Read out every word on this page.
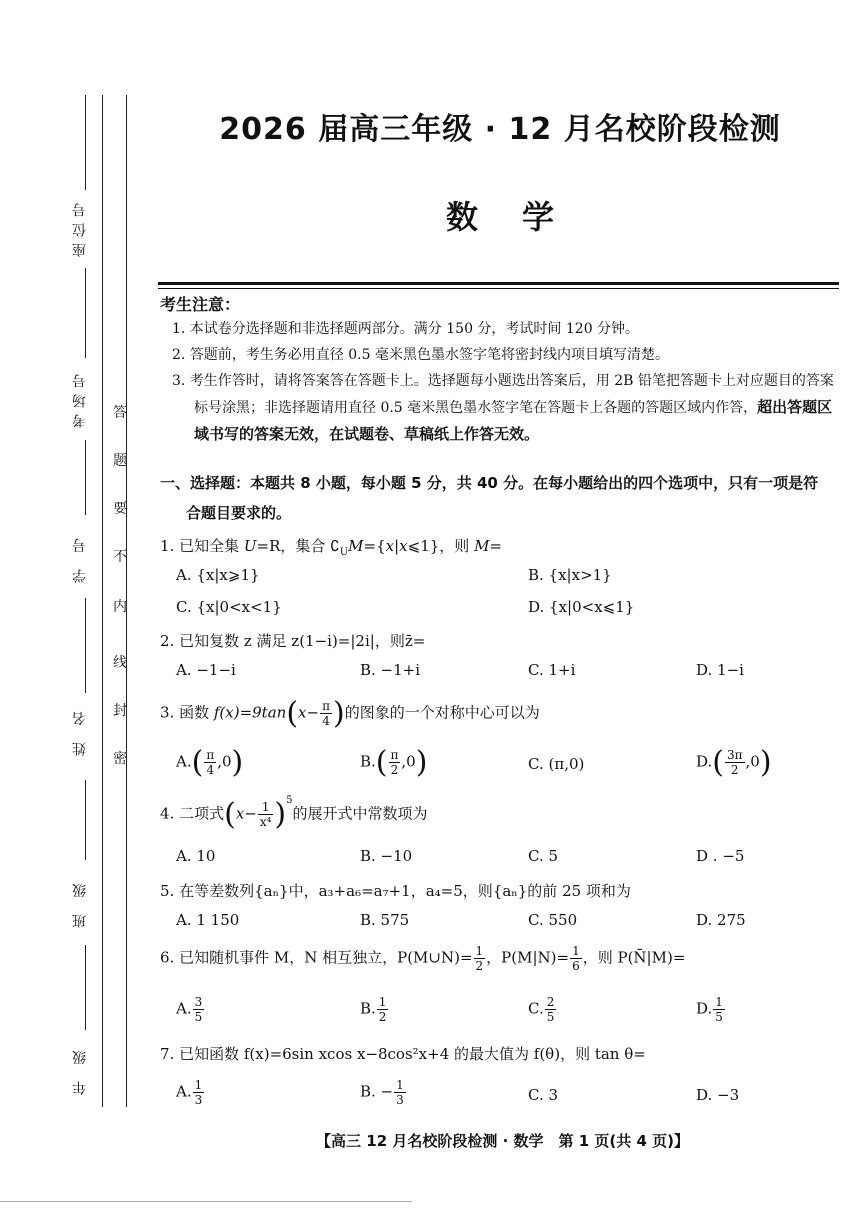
座位号
考场号
学 号
姓 名
班 级
年 级
答
题
要
不
内
线
封
密
2026 届高三年级 · 12 月名校阶段检测
数学
考生注意：
1. 本试卷分选择题和非选择题两部分。满分 150 分，考试时间 120 分钟。
2. 答题前，考生务必用直径 0.5 毫米黑色墨水签字笔将密封线内项目填写清楚。
3. 考生作答时，请将答案答在答题卡上。选择题每小题选出答案后，用 2B 铅笔把答题卡上对应题目的答案标号涂黑；非选择题请用直径 0.5 毫米黑色墨水签字笔在答题卡上各题的答题区域内作答，超出答题区域书写的答案无效，在试题卷、草稿纸上作答无效。
一、选择题：本题共 8 小题，每小题 5 分，共 40 分。在每小题给出的四个选项中，只有一项是符
合题目要求的。
1. 已知全集 U=R，集合 $∁_UM=\{x|x⩽1\}$，则 M=
A. {x|x⩾1}	B. {x|x>1}
C. {x|0<x<1}	D. {x|0<x⩽1}
2. 已知复数 z 满足 z(1−i)=|2i|，则z̄=
A. −1−i	B. −1+i	C. 1+i	D. 1−i
3. 函数 $f(x)=9\tan(x- \frac{\pi}{4}$ )的图象的一个对称中心可以为
$A.( \frac{\pi}{4} ,0)$	$B.( \frac{\pi}{2} ,0)$	C. (π,0)	$D.( \frac{3\pi}{2} ,0)$
4. 二项式$(x- \frac{1}{\text{x⁴}} )^5$的展开式中常数项为
A. 10	B. −10	C. 5	D . −5
5. 在等差数列{aₙ}中，a₃+a₆=a₇+1，a₄=5，则{aₙ}的前 25 项和为
A. 1 150	B. 575	C. 550	D. 275
6. 已知随机事件 M，N 相互独立，P(M∪N)= $\frac{1}{2}$ ，$P(M|N)= \frac{1}{6}$ ，则 P(N̄|M)=
A. $\frac{3}{5}$	B. $\frac{1}{2}$	C. $\frac{2}{5}$	D. $\frac{1}{5}$
7. 已知函数 f(x)=6sin xcos x−8cos²x+4 的最大值为 f(θ)，则 tan θ=
A. $\frac{1}{3}$	B. − $\frac{1}{3}$	C. 3	D. −3
【高三 12 月名校阶段检测 · 数学　第 1 页(共 4 页)】
